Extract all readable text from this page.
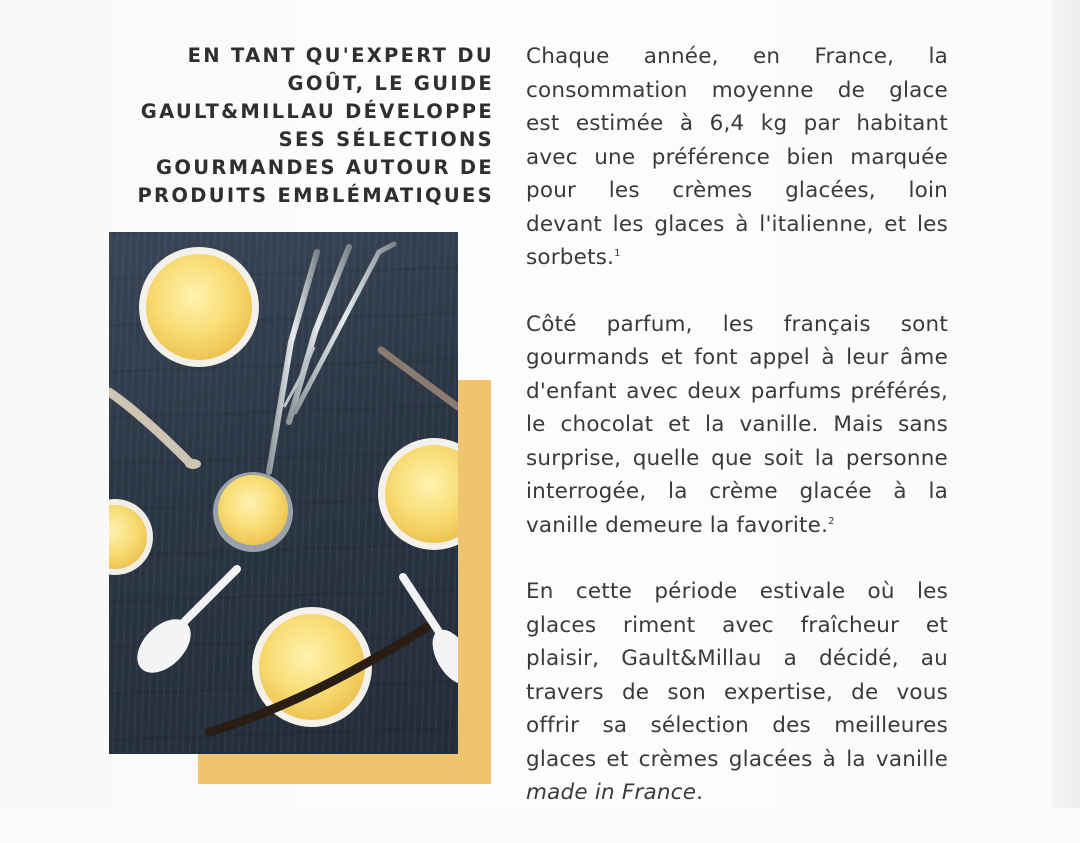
EN TANT QU'EXPERT DU
GOÛT, LE GUIDE
GAULT&MILLAU DÉVELOPPE
SES SÉLECTIONS
GOURMANDES AUTOUR DE
PRODUITS EMBLÉMATIQUES
Chaque année, en France, la
consommation moyenne de glace
est estimée à 6,4 kg par habitant
avec une préférence bien marquée
pour les crèmes glacées, loin
devant les glaces à l'italienne, et les
sorbets.$^1$
Côté parfum, les français sont
gourmands et font appel à leur âme
d'enfant avec deux parfums préférés,
le chocolat et la vanille. Mais sans
surprise, quelle que soit la personne
interrogée, la crème glacée à la
vanille demeure la favorite.$^2$
En cette période estivale où les
glaces riment avec fraîcheur et
plaisir, Gault&Millau a décidé, au
travers de son expertise, de vous
offrir sa sélection des meilleures
glaces et crèmes glacées à la vanille
made in France.
